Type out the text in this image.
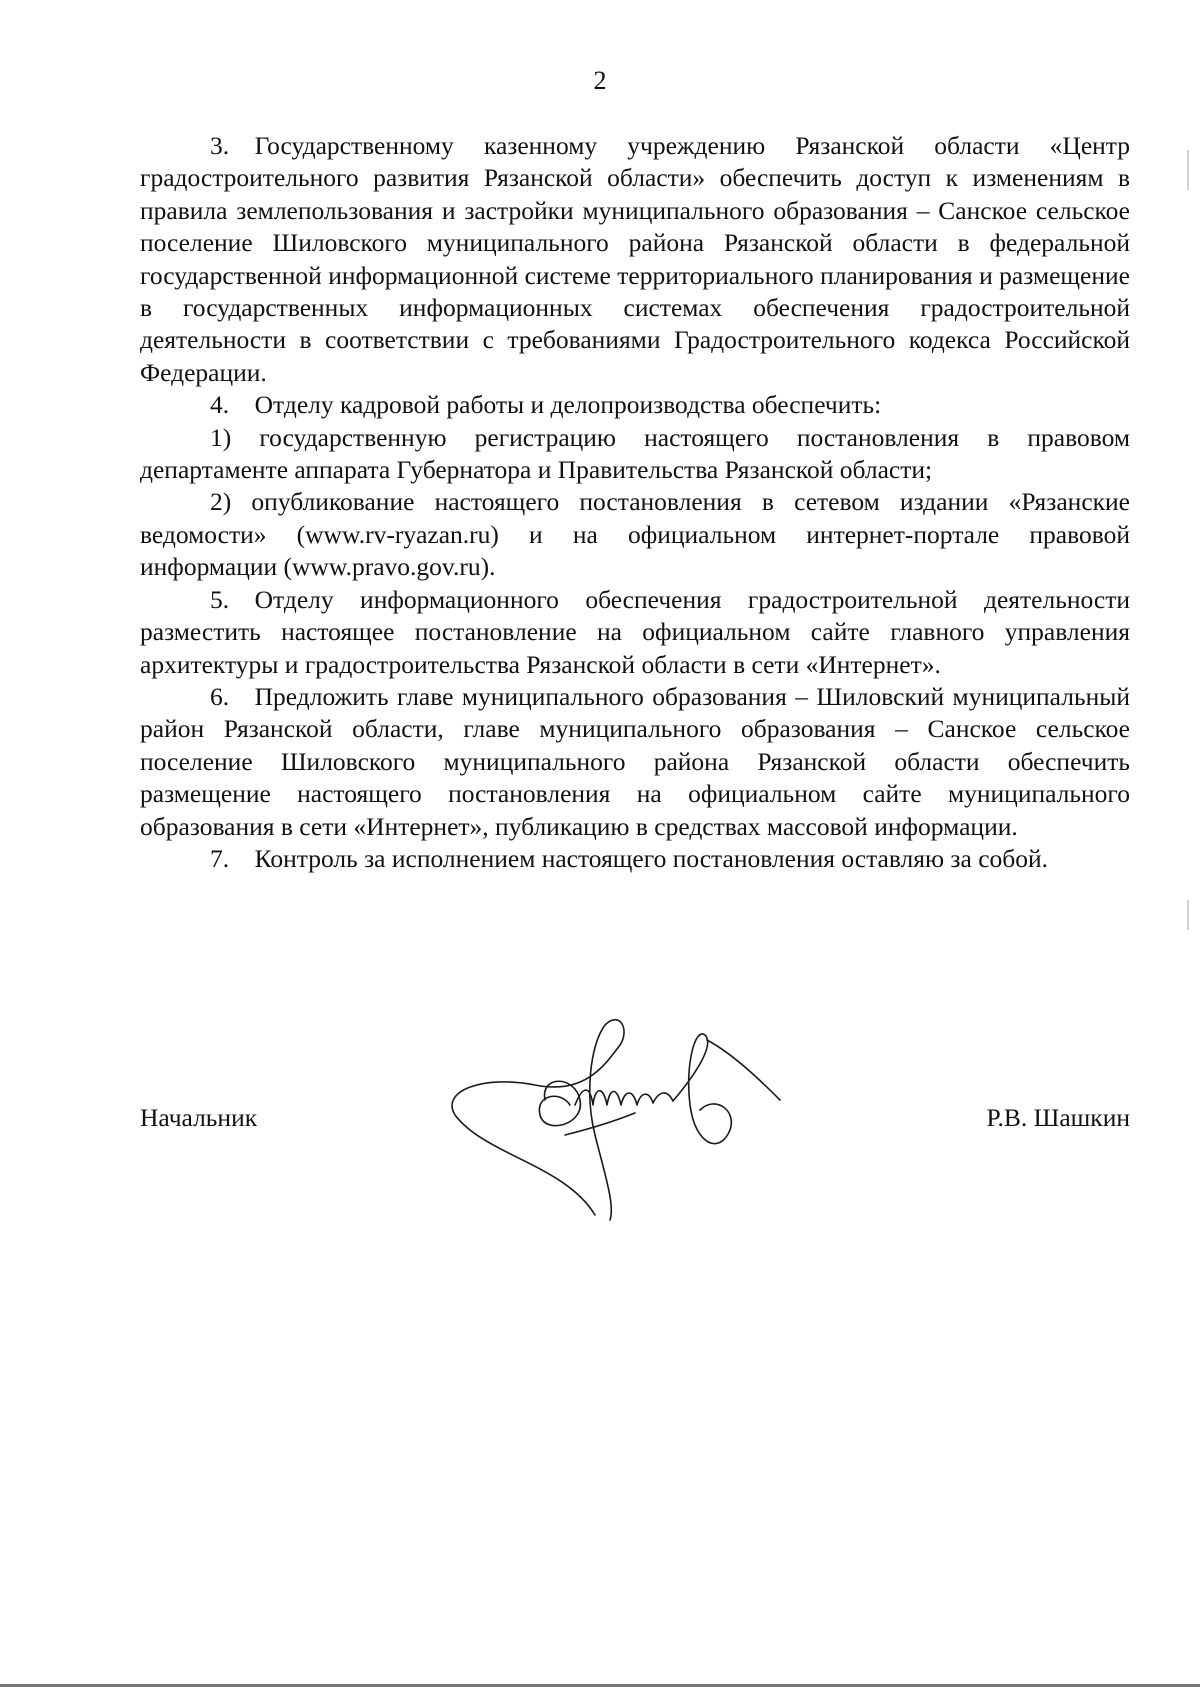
2

3. Государственному казенному учреждению Рязанской области «Центр градостроительного развития Рязанской области» обеспечить доступ к изменениям в правила землепользования и застройки муниципального образования – Санское сельское поселение Шиловского муниципального района Рязанской области в федеральной государственной информационной системе территориального планирования и размещение в государственных информационных системах обеспечения градостроительной деятельности в соответствии с требованиями Градостроительного кодекса Российской Федерации.

4. Отделу кадровой работы и делопроизводства обеспечить:

1) государственную регистрацию настоящего постановления в правовом департаменте аппарата Губернатора и Правительства Рязанской области;

2) опубликование настоящего постановления в сетевом издании «Рязанские ведомости» (www.rv-ryazan.ru) и на официальном интернет-портале правовой информации (www.pravo.gov.ru).

5. Отделу информационного обеспечения градостроительной деятельности разместить настоящее постановление на официальном сайте главного управления архитектуры и градостроительства Рязанской области в сети «Интернет».

6. Предложить главе муниципального образования – Шиловский муниципальный район Рязанской области, главе муниципального образования – Санское сельское поселение Шиловского муниципального района Рязанской области обеспечить размещение настоящего постановления на официальном сайте муниципального образования в сети «Интернет», публикацию в средствах массовой информации.

7. Контроль за исполнением настоящего постановления оставляю за собой.

Начальник	Р.В. Шашкин
